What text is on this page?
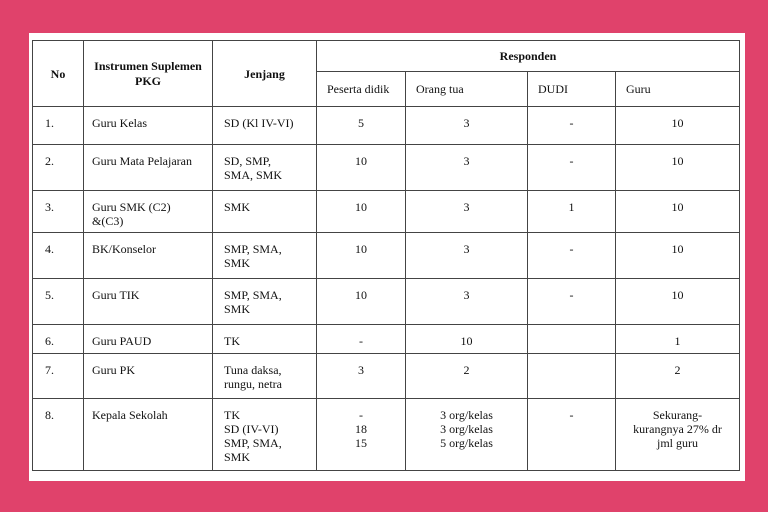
No	Instrumen Suplemen PKG	Jenjang	Responden			
			Peserta didik	Orang tua	DUDI	Guru
1.	Guru Kelas	SD (Kl IV-VI)	5	3	-	10

2.	Guru Mata Pelajaran	SD, SMP,
SMA, SMK	10	3	-	10

3.	Guru SMK (C2)
&(C3)	SMK	10	3	1	10

4.	BK/Konselor	SMP, SMA,
SMK	10	3	-	10

5.	Guru TIK	SMP, SMA,
SMK	10	3	-	10

6.	Guru PAUD	TK	-	10		1

7.	Guru PK	Tuna daksa,
rungu, netra	3	2		2

8.	Kepala Sekolah	TK
SD (IV-VI)
SMP, SMA,
SMK	-
18
15	3 org/kelas
3 org/kelas
5 org/kelas	-	Sekurang-
kurangnya 27% dr
jml guru
